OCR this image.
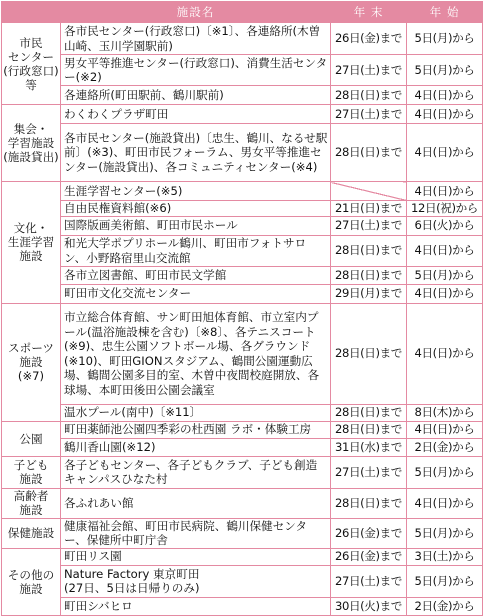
	施設名	年 末	年 始
市民
センター
(行政窓口)
等	各市民センター(行政窓口)〔※1〕、各連絡所(木曽山崎、玉川学園駅前)	26日(金)まで	5日(月)から
	男女平等推進センター(行政窓口)、消費生活センター(※2)	27日(土)まで	5日(月)から
	各連絡所(町田駅前、鶴川駅前)	28日(日)まで	4日(日)から
集会・
学習施設
(施設貸出)	わくわくプラザ町田	27日(土)まで	4日(日)から
	各市民センター(施設貸出)〔忠生、鶴川、なるせ駅前〕(※3)、町田市民フォーラム、男女平等推進センター(施設貸出)、各コミュニティセンター(※4)	28日(日)まで	4日(日)から
文化・
生涯学習
施設	生涯学習センター(※5)		4日(日)から
	自由民権資料館(※6)	21日(日)まで	12日(祝)から
	国際版画美術館、町田市民ホール	27日(土)まで	6日(火)から
	和光大学ポプリホール鶴川、町田市フォトサロン、小野路宿里山交流館	28日(日)まで	4日(日)から
	各市立図書館、町田市民文学館	28日(日)まで	5日(月)から
	町田市文化交流センター	29日(月)まで	4日(日)から
スポーツ
施設
(※7)	市立総合体育館、サン町田旭体育館、市立室内プール(温浴施設棟を含む)〔※8〕、各テニスコート(※9)、忠生公園ソフトボール場、各グラウンド(※10)、町田GIONスタジアム、鶴間公園運動広場、鶴間公園多目的室、木曽中夜間校庭開放、各球場、本町田後田公園会議室	28日(日)まで	4日(日)から
	温水プール(南中)〔※11〕	28日(日)まで	8日(木)から
公園	町田薬師池公園四季彩の杜西園 ラボ・体験工房	28日(日)まで	4日(日)から
	鶴川香山園(※12)	31日(水)まで	2日(金)から
子ども
施設	各子どもセンター、各子どもクラブ、子ども創造キャンパスひなた村	27日(土)まで	5日(月)から
高齢者
施設	各ふれあい館	28日(日)まで	4日(日)から
保健施設	健康福祉会館、町田市民病院、鶴川保健センター、保健所中町庁舎	26日(金)まで	5日(月)から
その他の
施設	町田リス園	26日(金)まで	3日(土)から
	Nature Factory 東京町田
(27日、5日は日帰りのみ)	27日(土)まで	5日(月)から
	町田シバヒロ	30日(火)まで	2日(金)から
